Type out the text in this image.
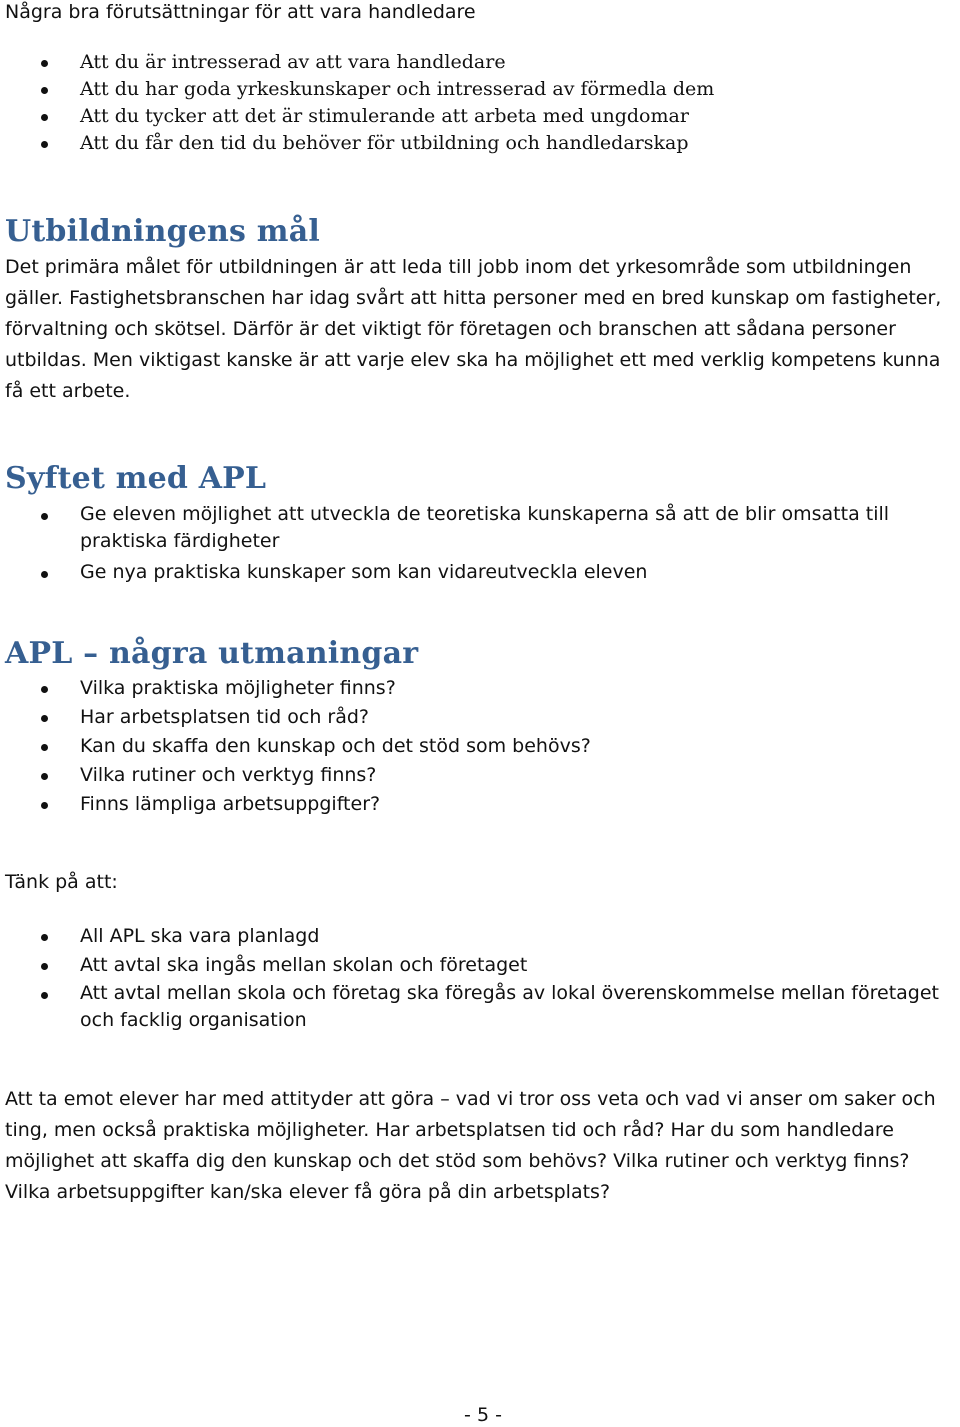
Några bra förutsättningar för att vara handledare

Att du är intresserad av att vara handledare
Att du har goda yrkeskunskaper och intresserad av förmedla dem
Att du tycker att det är stimulerande att arbeta med ungdomar
Att du får den tid du behöver för utbildning och handledarskap
Utbildningens mål

Det primära målet för utbildningen är att leda till jobb inom det yrkesområde som utbildningen gäller. Fastighetsbranschen har idag svårt att hitta personer med en bred kunskap om fastigheter, förvaltning och skötsel. Därför är det viktigt för företagen och branschen att sådana personer utbildas. Men viktigast kanske är att varje elev ska ha möjlighet ett med verklig kompetens kunna få ett arbete.

Syftet med APL
Ge eleven möjlighet att utveckla de teoretiska kunskaperna så att de blir omsatta till praktiska färdigheter
Ge nya praktiska kunskaper som kan vidareutveckla eleven
APL – några utmaningar
Vilka praktiska möjligheter finns?
Har arbetsplatsen tid och råd?
Kan du skaffa den kunskap och det stöd som behövs?
Vilka rutiner och verktyg finns?
Finns lämpliga arbetsuppgifter?

Tänk på att:

All APL ska vara planlagd
Att avtal ska ingås mellan skolan och företaget
Att avtal mellan skola och företag ska föregås av lokal överenskommelse mellan företaget och facklig organisation

Att ta emot elever har med attityder att göra – vad vi tror oss veta och vad vi anser om saker och ting, men också praktiska möjligheter. Har arbetsplatsen tid och råd? Har du som handledare möjlighet att skaffa dig den kunskap och det stöd som behövs? Vilka rutiner och verktyg finns? Vilka arbetsuppgifter kan/ska elever få göra på din arbetsplats?

- 5 -
